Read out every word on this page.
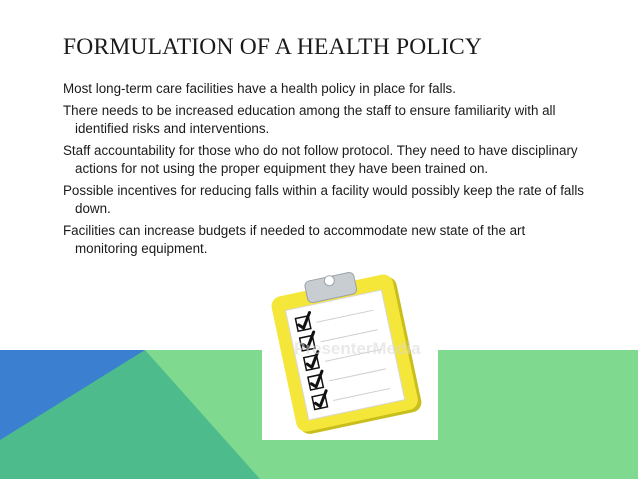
FORMULATION OF A HEALTH POLICY
Most long-term care facilities have a health policy in place for falls.
There needs to be increased education among the staff to ensure familiarity with all identified risks and interventions.
Staff accountability for those who do not follow protocol. They need to have disciplinary actions for not using the proper equipment they have been trained on.
Possible incentives for reducing falls within a facility would possibly keep the rate of falls down.
Facilities can increase budgets if needed to accommodate new state of the art monitoring equipment.
PresenterMedia
